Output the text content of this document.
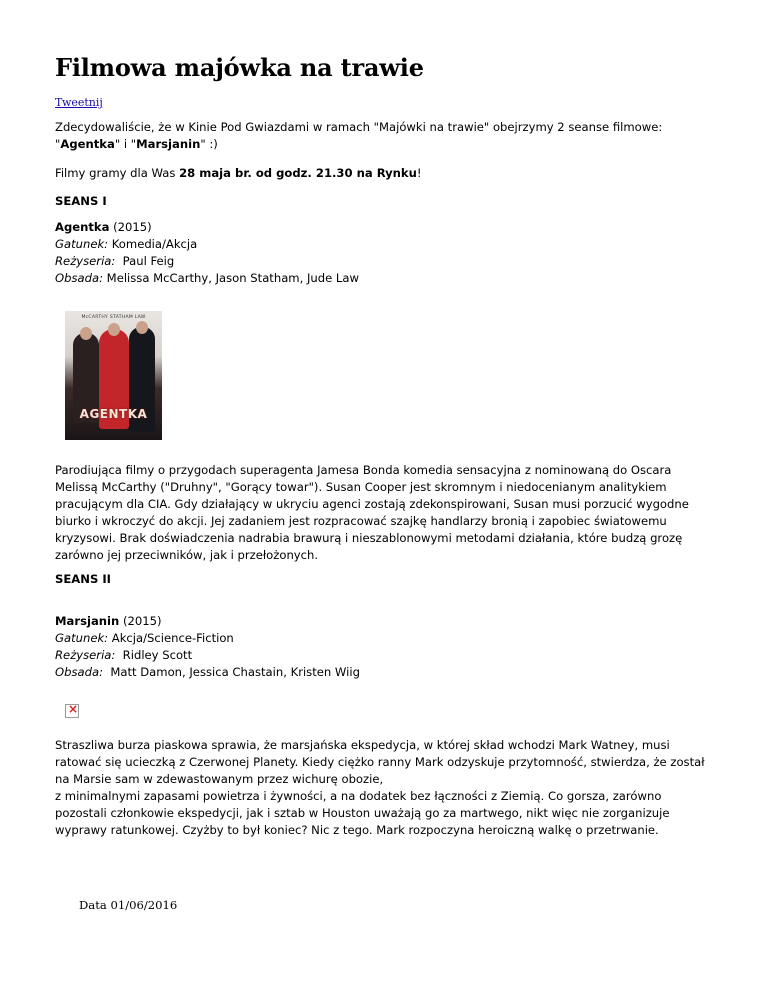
Filmowa majówka na trawie
Tweetnij

Zdecydowaliście, że w Kinie Pod Gwiazdami w ramach "Majówki na trawie" obejrzymy 2 seanse filmowe: "Agentka" i "Marsjanin" :)

Filmy gramy dla Was 28 maja br. od godz. 21.30 na Rynku!

SEANS I

Agentka (2015)

Gatunek: Komedia/Akcja

Reżyseria:  Paul Feig

Obsada: Melissa McCarthy, Jason Statham, Jude Law

Parodiująca filmy o przygodach superagenta Jamesa Bonda komedia sensacyjna z nominowaną do Oscara Melissą McCarthy ("Druhny", "Gorący towar"). Susan Cooper jest skromnym i niedocenianym analitykiem pracującym dla CIA. Gdy działający w ukryciu agenci zostają zdekonspirowani, Susan musi porzucić wygodne biurko i wkroczyć do akcji. Jej zadaniem jest rozpracować szajkę handlarzy bronią i zapobiec światowemu kryzysowi. Brak doświadczenia nadrabia brawurą i nieszablonowymi metodami działania, które budzą grozę zarówno jej przeciwników, jak i przełożonych.

SEANS II

Marsjanin (2015)

Gatunek: Akcja/Science-Fiction

Reżyseria:  Ridley Scott

Obsada:  Matt Damon, Jessica Chastain, Kristen Wiig

Straszliwa burza piaskowa sprawia, że marsjańska ekspedycja, w której skład wchodzi Mark Watney, musi ratować się ucieczką z Czerwonej Planety. Kiedy ciężko ranny Mark odzyskuje przytomność, stwierdza, że został na Marsie sam w zdewastowanym przez wichurę obozie,

z minimalnymi zapasami powietrza i żywności, a na dodatek bez łączności z Ziemią. Co gorsza, zarówno pozostali członkowie ekspedycji, jak i sztab w Houston uważają go za martwego, nikt więc nie zorganizuje wyprawy ratunkowej. Czyżby to był koniec? Nic z tego. Mark rozpoczyna heroiczną walkę o przetrwanie.

McCARTHY STATHAM LAW
AGENTKA
×
Data 01/06/2016
